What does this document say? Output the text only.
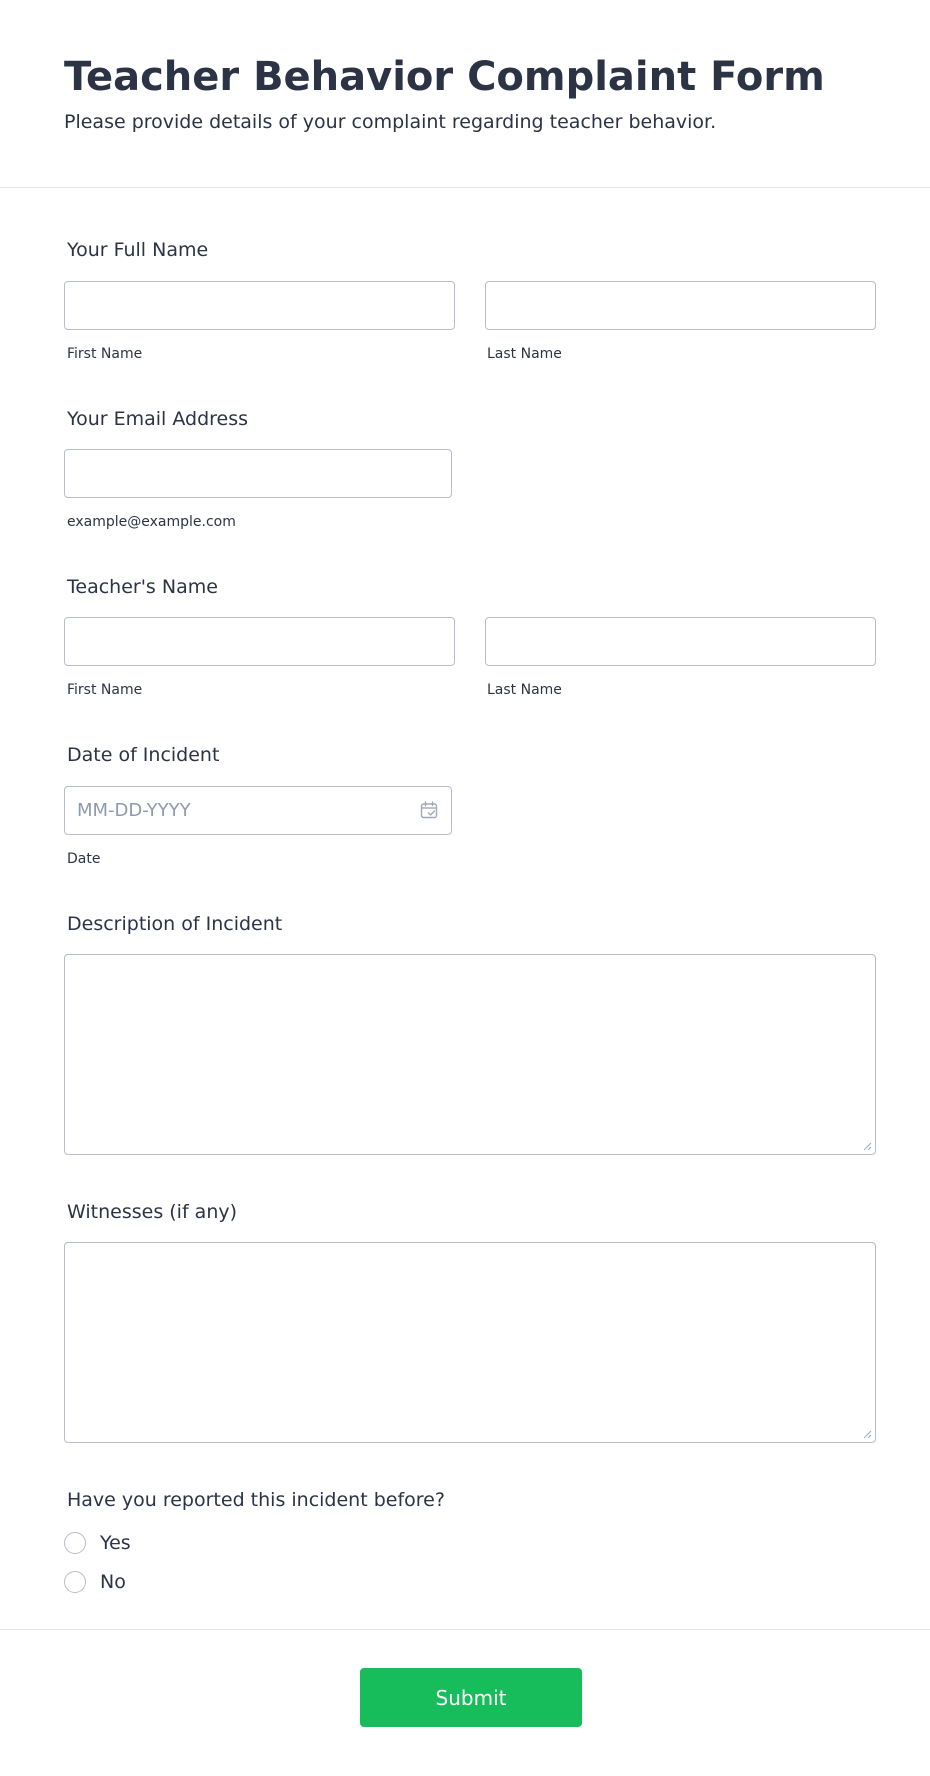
Teacher Behavior Complaint Form

Please provide details of your complaint regarding teacher behavior.

Your Full Name
First Name	Last Name
Your Email Address
example@example.com
Teacher's Name
First Name	Last Name
Date of Incident
MM-DD-YYYY
Date
Description of Incident
Witnesses (if any)
Have you reported this incident before?
Yes
No
Submit
